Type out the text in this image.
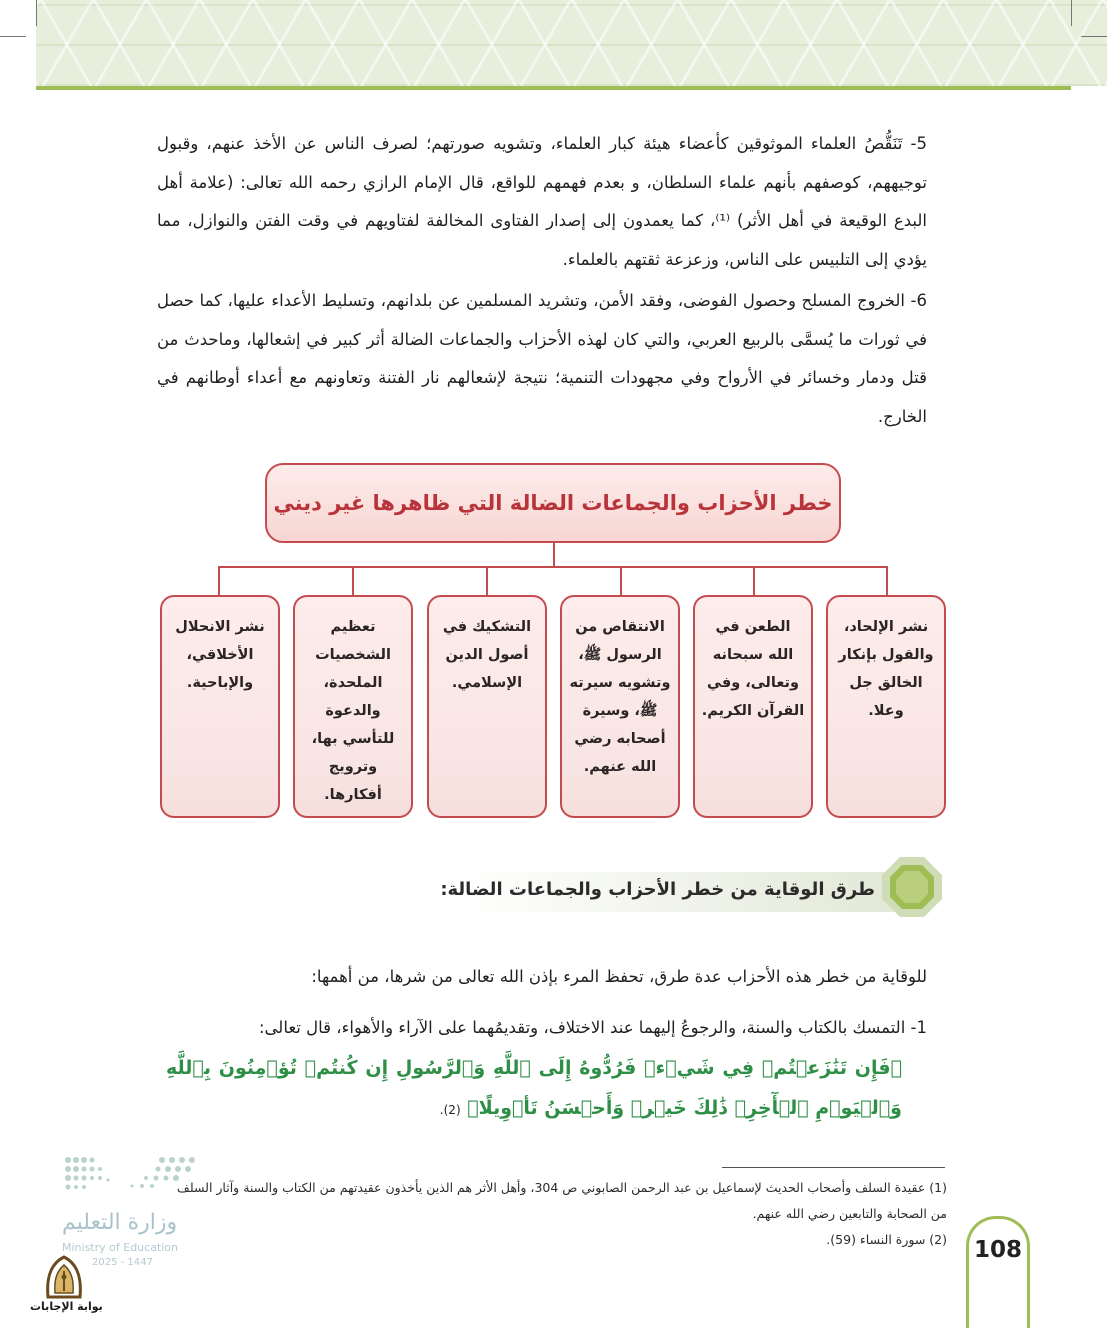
5- تَنَقُّصُ العلماء الموثوقين كأعضاء هيئة كبار العلماء، وتشويه صورتهم؛ لصرف الناس عن الأخذ عنهم، وقبول توجيههم، كوصفهم بأنهم علماء السلطان، و بعدم فهمهم للواقع، قال الإمام الرازي رحمه الله تعالى: (علامة أهل البدع الوقيعة في أهل الأثر) ⁽¹⁾، كما يعمدون إلى إصدار الفتاوى المخالفة لفتاويهم في وقت الفتن والنوازل، مما يؤدي إلى التلبيس على الناس، وزعزعة ثقتهم بالعلماء.

6- الخروج المسلح وحصول الفوضى، وفقد الأمن، وتشريد المسلمين عن بلدانهم، وتسليط الأعداء عليها، كما حصل في ثورات ما يُسمَّى بالربيع العربي، والتي كان لهذه الأحزاب والجماعات الضالة أثر كبير في إشعالها، وماحدث من قتل ودمار وخسائر في الأرواح وفي مجهودات التنمية؛ نتيجة لإشعالهم نار الفتنة وتعاونهم مع أعداء أوطانهم في الخارج.

خطر الأحزاب والجماعات الضالة التي ظاهرها غير ديني
نشر الإلحاد، والقول بإنكار الخالق جل وعلا.
الطعن في الله سبحانه وتعالى، وفي القرآن الكريم.
الانتقاص من الرسول ﷺ، وتشويه سيرته ﷺ، وسيرة أصحابه رضي الله عنهم.
التشكيك في أصول الدين الإسلامي.
تعظيم الشخصيات الملحدة، والدعوة للتأسي بها، وترويج أفكارها.
نشر الانحلال الأخلاقي، والإباحية.
طرق الوقاية من خطر الأحزاب والجماعات الضالة:

للوقاية من خطر هذه الأحزاب عدة طرق، تحفظ المرء بإذن الله تعالى من شرها، من أهمها:

1- التمسك بالكتاب والسنة، والرجوعُ إليهما عند الاختلاف، وتقديمُهما على الآراء والأهواء، قال تعالى:

﴿فَإِن تَنَٰزَعۡتُمۡ فِي شَيۡءٖ فَرُدُّوهُ إِلَى ٱللَّهِ وَٱلرَّسُولِ إِن كُنتُمۡ تُؤۡمِنُونَ بِٱللَّهِ وَٱلۡيَوۡمِ ٱلۡأٓخِرِۚ ذَٰلِكَ خَيۡرٞ وَأَحۡسَنُ تَأۡوِيلًا﴾ (2).

(1) عقيدة السلف وأصحاب الحديث لإسماعيل بن عبد الرحمن الصابوني ص 304، وأهل الأثر هم الذين يأخذون عقيدتهم من الكتاب والسنة وآثار السلف من الصحابة والتابعين رضي الله عنهم.

(2) سورة النساء (59).

وزارة التعليم
Ministry of Education
2025 - 1447
بوابة الإجابات
108
